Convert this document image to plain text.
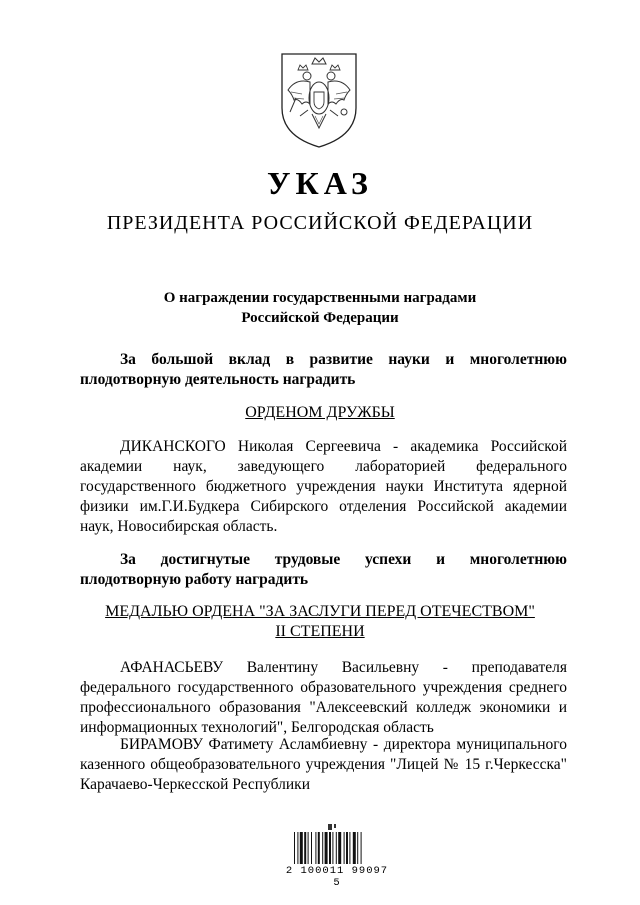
УКАЗ
ПРЕЗИДЕНТА РОССИЙСКОЙ ФЕДЕРАЦИИ
О награждении государственными наградами
Российской Федерации

За большой вклад в развитие науки и многолетнюю плодотворную деятельность наградить

ОРДЕНОМ ДРУЖБЫ

ДИКАНСКОГО Николая Сергеевича - академика Российской академии наук, заведующего лабораторией федерального государственного бюджетного учреждения науки Института ядерной физики им.Г.И.Будкера Сибирского отделения Российской академии наук, Новосибирская область.

За достигнутые трудовые успехи и многолетнюю плодотворную работу наградить

МЕДАЛЬЮ ОРДЕНА "ЗА ЗАСЛУГИ ПЕРЕД ОТЕЧЕСТВОМ"
II СТЕПЕНИ

АФАНАСЬЕВУ Валентину Васильевну - преподавателя федерального государственного образовательного учреждения среднего профессионального образования "Алексеевский колледж экономики и информационных технологий", Белгородская область

БИРАМОВУ Фатимету Асламбиевну - директора муниципального казенного общеобразовательного учреждения "Лицей № 15 г.Черкесска" Карачаево-Черкесской Республики

2 100011 99097 5
